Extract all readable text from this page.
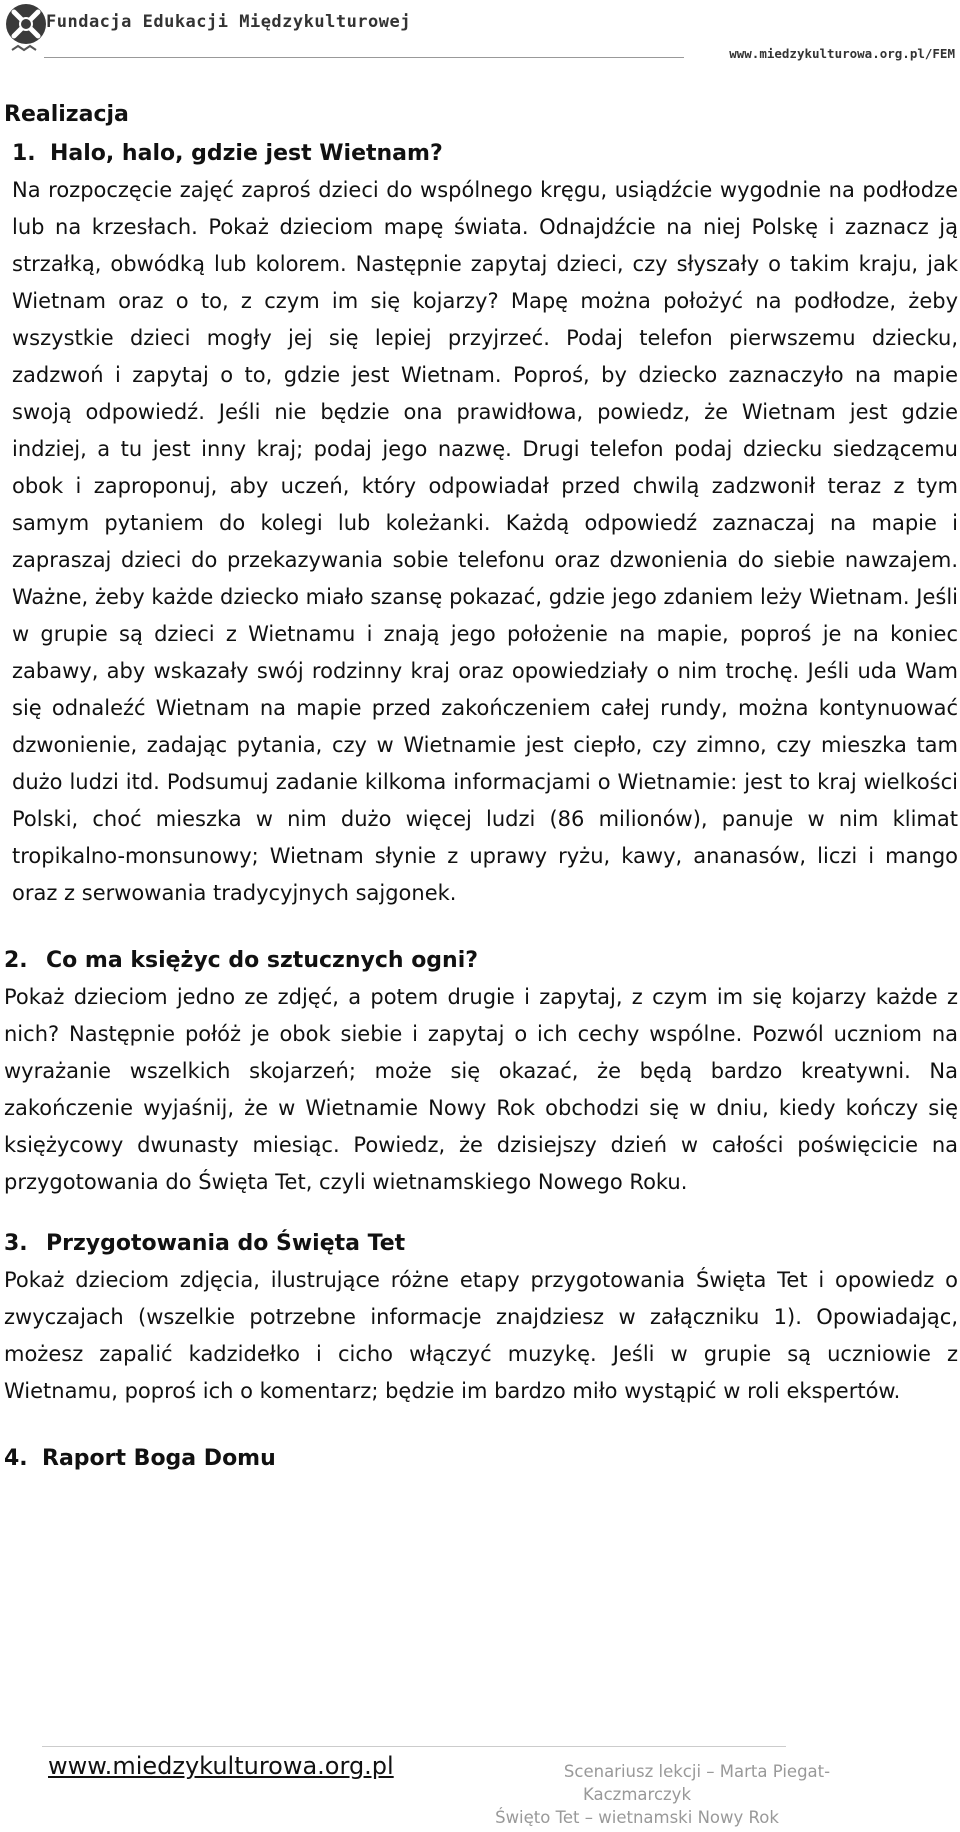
Fundacja Edukacji Międzykulturowej
www.miedzykulturowa.org.pl/FEM
Realizacja
1. Halo, halo, gdzie jest Wietnam?

Na rozpoczęcie zajęć zaproś dzieci do wspólnego kręgu, usiądźcie wygodnie na podłodze lub na krzesłach. Pokaż dzieciom mapę świata. Odnajdźcie na niej Polskę i zaznacz ją strzałką, obwódką lub kolorem. Następnie zapytaj dzieci, czy słyszały o takim kraju, jak Wietnam oraz o to, z czym im się kojarzy? Mapę można położyć na podłodze, żeby wszystkie dzieci mogły jej się lepiej przyjrzeć. Podaj telefon pierwszemu dziecku, zadzwoń i zapytaj o to, gdzie jest Wietnam. Poproś, by dziecko zaznaczyło na mapie swoją odpowiedź. Jeśli nie będzie ona prawidłowa, powiedz, że Wietnam jest gdzie indziej, a tu jest inny kraj; podaj jego nazwę. Drugi telefon podaj dziecku siedzącemu obok i zaproponuj, aby uczeń, który odpowiadał przed chwilą zadzwonił teraz z tym samym pytaniem do kolegi lub koleżanki. Każdą odpowiedź zaznaczaj na mapie i zapraszaj dzieci do przekazywania sobie telefonu oraz dzwonienia do siebie nawzajem. Ważne, żeby każde dziecko miało szansę pokazać, gdzie jego zdaniem leży Wietnam. Jeśli w grupie są dzieci z Wietnamu i znają jego położenie na mapie, poproś je na koniec zabawy, aby wskazały swój rodzinny kraj oraz opowiedziały o nim trochę. Jeśli uda Wam się odnaleźć Wietnam na mapie przed zakończeniem całej rundy, można kontynuować dzwonienie, zadając pytania, czy w Wietnamie jest ciepło, czy zimno, czy mieszka tam dużo ludzi itd. Podsumuj zadanie kilkoma informacjami o Wietnamie: jest to kraj wielkości Polski, choć mieszka w nim dużo więcej ludzi (86 milionów), panuje w nim klimat tropikalno-monsunowy; Wietnam słynie z uprawy ryżu, kawy, ananasów, liczi i mango oraz z serwowania tradycyjnych sajgonek.

2. Co ma księżyc do sztucznych ogni?

Pokaż dzieciom jedno ze zdjęć, a potem drugie i zapytaj, z czym im się kojarzy każde z nich? Następnie połóż je obok siebie i zapytaj o ich cechy wspólne. Pozwól uczniom na wyrażanie wszelkich skojarzeń; może się okazać, że będą bardzo kreatywni. Na zakończenie wyjaśnij, że w Wietnamie Nowy Rok obchodzi się w dniu, kiedy kończy się księżycowy dwunasty miesiąc. Powiedz, że dzisiejszy dzień w całości poświęcicie na przygotowania do Święta Tet, czyli wietnamskiego Nowego Roku.

3. Przygotowania do Święta Tet

Pokaż dzieciom zdjęcia, ilustrujące różne etapy przygotowania Święta Tet i opowiedz o zwyczajach (wszelkie potrzebne informacje znajdziesz w załączniku 1). Opowiadając, możesz zapalić kadzidełko i cicho włączyć muzykę. Jeśli w grupie są uczniowie z Wietnamu, poproś ich o komentarz; będzie im bardzo miło wystąpić w roli ekspertów.

4. Raport Boga Domu
www.miedzykulturowa.org.pl	Scenariusz lekcji – Marta Piegat-
Kaczmarczyk
Święto Tet – wietnamski Nowy Rok
